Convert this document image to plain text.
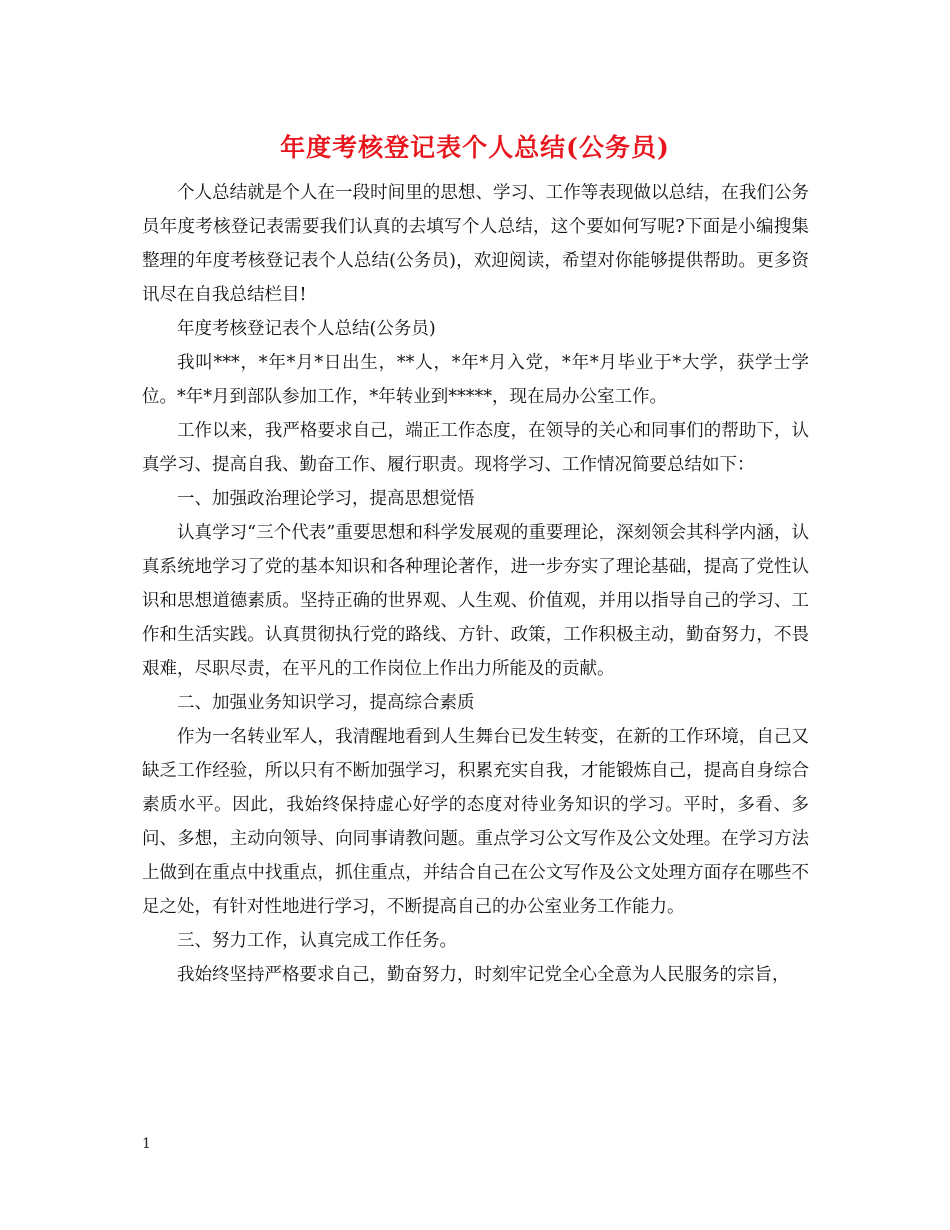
年度考核登记表个人总结(公务员)

个人总结就是个人在一段时间里的思想、学习、工作等表现做以总结，在我们公务员年度考核登记表需要我们认真的去填写个人总结，这个要如何写呢?下面是小编搜集整理的年度考核登记表个人总结(公务员)，欢迎阅读，希望对你能够提供帮助。更多资讯尽在自我总结栏目!

年度考核登记表个人总结(公务员)

我叫***，*年*月*日出生，**人，*年*月入党，*年*月毕业于*大学，获学士学位。*年*月到部队参加工作，*年转业到*****，现在局办公室工作。

工作以来，我严格要求自己，端正工作态度，在领导的关心和同事们的帮助下，认真学习、提高自我、勤奋工作、履行职责。现将学习、工作情况简要总结如下：

一、加强政治理论学习，提高思想觉悟

认真学习“三个代表”重要思想和科学发展观的重要理论，深刻领会其科学内涵，认真系统地学习了党的基本知识和各种理论著作，进一步夯实了理论基础，提高了党性认识和思想道德素质。坚持正确的世界观、人生观、价值观，并用以指导自己的学习、工作和生活实践。认真贯彻执行党的路线、方针、政策，工作积极主动，勤奋努力，不畏艰难，尽职尽责，在平凡的工作岗位上作出力所能及的贡献。

二、加强业务知识学习，提高综合素质

作为一名转业军人，我清醒地看到人生舞台已发生转变，在新的工作环境，自己又缺乏工作经验，所以只有不断加强学习，积累充实自我，才能锻炼自己，提高自身综合素质水平。因此，我始终保持虚心好学的态度对待业务知识的学习。平时，多看、多问、多想，主动向领导、向同事请教问题。重点学习公文写作及公文处理。在学习方法上做到在重点中找重点，抓住重点，并结合自己在公文写作及公文处理方面存在哪些不足之处，有针对性地进行学习，不断提高自己的办公室业务工作能力。

三、努力工作，认真完成工作任务。

我始终坚持严格要求自己，勤奋努力，时刻牢记党全心全意为人民服务的宗旨，

1
